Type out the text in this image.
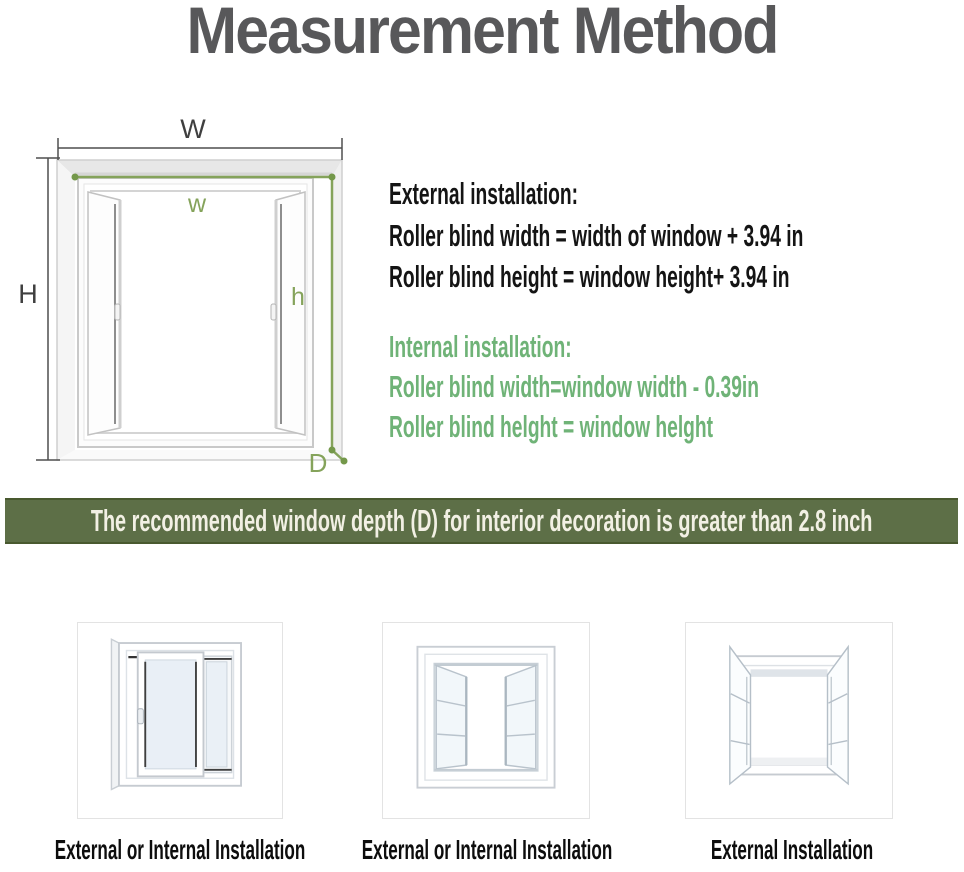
Measurement Method
W
H
w
h
D
External installation:
Roller blind width = width of window + 3.94 in
Roller blind height = window height+ 3.94 in
Internal installation:
Roller blind width=window width - 0.39in
Roller blind helght = window helght
The recommended window depth (D) for interior decoration is greater than 2.8 inch
External or Internal Installation	External or Internal Installation	External Installation
